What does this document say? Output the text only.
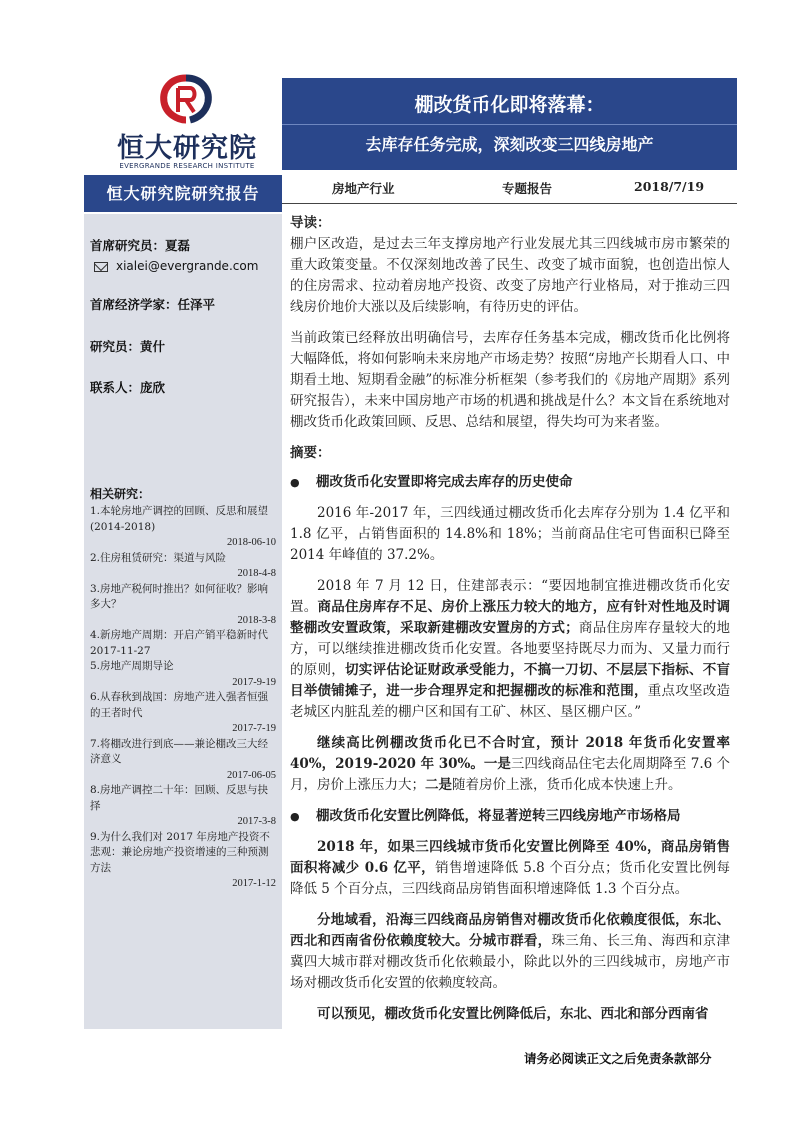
恒大研究院
EVERGRANDE RESEARCH INSTITUTE
棚改货币化即将落幕：
去库存任务完成，深刻改变三四线房地产
房地产行业	专题报告	2018/7/19
恒大研究院研究报告
首席研究员：夏磊
xialei@evergrande.com
首席经济学家：任泽平
研究员：黄什
联系人：庞欣
相关研究：
1.本轮房地产调控的回顾、反思和展望(2014-2018)
2018-06-10
2.住房租赁研究：渠道与风险
2018-4-8
3.房地产税何时推出？如何征收？影响多大？
2018-3-8
4.新房地产周期：开启产销平稳新时代 2017-11-27
5.房地产周期导论
2017-9-19
6.从春秋到战国：房地产进入强者恒强的王者时代
2017-7-19
7.将棚改进行到底——兼论棚改三大经济意义
2017-06-05
8.房地产调控二十年：回顾、反思与抉择
2017-3-8
9.为什么我们对 2017 年房地产投资不悲观：兼论房地产投资增速的三种预测方法
2017-1-12

导读：

棚户区改造，是过去三年支撑房地产行业发展尤其三四线城市房市繁荣的重大政策变量。不仅深刻地改善了民生、改变了城市面貌，也创造出惊人的住房需求、拉动着房地产投资、改变了房地产行业格局，对于推动三四线房价地价大涨以及后续影响，有待历史的评估。

当前政策已经释放出明确信号，去库存任务基本完成，棚改货币化比例将大幅降低，将如何影响未来房地产市场走势？按照“房地产长期看人口、中期看土地、短期看金融”的标准分析框架（参考我们的《房地产周期》系列研究报告），未来中国房地产市场的机遇和挑战是什么？本文旨在系统地对棚改货币化政策回顾、反思、总结和展望，得失均可为来者鉴。

摘要：

● 棚改货币化安置即将完成去库存的历史使命

2016 年-2017 年，三四线通过棚改货币化去库存分别为 1.4 亿平和 1.8 亿平，占销售面积的 14.8%和 18%；当前商品住宅可售面积已降至 2014 年峰值的 37.2%。

2018 年 7 月 12 日，住建部表示：“要因地制宜推进棚改货币化安置。商品住房库存不足、房价上涨压力较大的地方，应有针对性地及时调整棚改安置政策，采取新建棚改安置房的方式；商品住房库存量较大的地方，可以继续推进棚改货币化安置。各地要坚持既尽力而为、又量力而行的原则，切实评估论证财政承受能力，不搞一刀切、不层层下指标、不盲目举债铺摊子，进一步合理界定和把握棚改的标准和范围，重点攻坚改造老城区内脏乱差的棚户区和国有工矿、林区、垦区棚户区。”

继续高比例棚改货币化已不合时宜，预计 2018 年货币化安置率 40%，2019-2020 年 30%。一是三四线商品住宅去化周期降至 7.6 个月，房价上涨压力大；二是随着房价上涨，货币化成本快速上升。

● 棚改货币化安置比例降低，将显著逆转三四线房地产市场格局

2018 年，如果三四线城市货币化安置比例降至 40%，商品房销售面积将减少 0.6 亿平，销售增速降低 5.8 个百分点；货币化安置比例每降低 5 个百分点，三四线商品房销售面积增速降低 1.3 个百分点。

分地域看，沿海三四线商品房销售对棚改货币化依赖度很低，东北、西北和西南省份依赖度较大。分城市群看，珠三角、长三角、海西和京津冀四大城市群对棚改货币化依赖最小，除此以外的三四线城市，房地产市场对棚改货币化安置的依赖度较高。

可以预见，棚改货币化安置比例降低后，东北、西北和部分西南省

请务必阅读正文之后免责条款部分
